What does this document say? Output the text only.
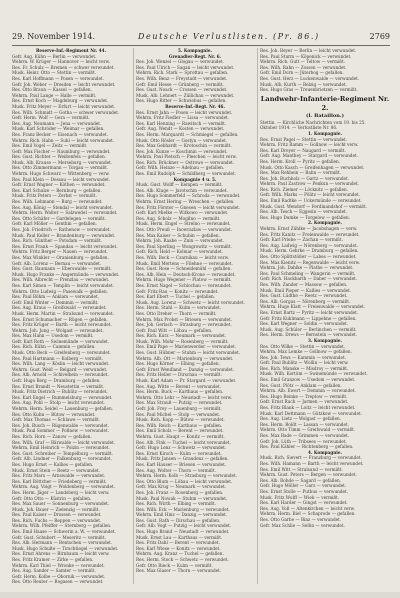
29. November 1914.	Deutsche Verlustlisten. (Pr. 86.)	2769
Reserve-Inf.-Regiment Nr. 44.
Gefr. Aug. Kühn — Berlin — verwundet.
Wehrm. W. Krüger — Hannover — leicht verw.
Res. Fr. Schulz — Bremen — schwer verwundet.
Musk. Heinr. Otto — Stettin — vermißt.
Res. Karl Hoffmann — Posen — verwundet.
Gefr. Joh. Weber — Dresden — leicht verwundet.
Res. Otto Braun — Kassel — gefallen.
Wehrm. Paul Lange — Halle — vermißt.
Res. Ernst Koch — Magdeburg — verwundet.
Musk. Fritz Meyer — Erfurt — leicht verwundet.
Res. Wilh. Schmidt — Gotha — schwer verwundet.
Gefr. Herm. Wolf — Gera — vermißt.
Res. Aug. Neumann — Jena — verwundet.
Musk. Karl Schröder — Weimar — gefallen.
Res. Franz Becker — Eisenach — verwundet.
Wehrm. Rich. Hahn — Suhl — leicht verwundet.
Res. Emil Vogel — Zeitz — vermißt.
Gefr. Max Fischer — Naumburg — verwundet.
Res. Gust. Richter — Weißenfels — gefallen.
Musk. Alb. Krause — Merseburg — verwundet.
Res. Otto Zimmermann — Torgau — vermißt.
Wehrm. Hugo Schwarz — Wittenberg — verw.
Res. Paul Klein — Dessau — leicht verwundet.
Gefr. Ernst Wagner — Köthen — verwundet.
Res. Karl Schulze — Bernburg — gefallen.
Musk. Fritz Peters — Zerbst — vermißt.
Res. Wilh. Lehmann — Burg — verwundet.
Res. Aug. König — Stendal — leicht verwundet.
Wehrm. Herm. Walter — Salzwedel — verwundet.
Res. Otto Schäfer — Gardelegen — vermißt.
Gefr. Karl Möller — Genthin — gefallen.
Res. Joh. Friedrich — Rathenow — verwundet.
Musk. Paul Keller — Brandenburg — verwundet.
Res. Rich. Günther — Potsdam — vermißt.
Res. Ernst Frank — Spandau — leicht verwundet.
Wehrm. Fritz Berger — Nauen — verwundet.
Res. Max Winkler — Oranienburg — gefallen.
Gefr. Alb. Lorenz — Bernau — verwundet.
Res. Gust. Baumann — Eberswalde — vermißt.
Musk. Hugo Franke — Angermünde — verwundet.
Res. Wilh. Albrecht — Prenzlau — verwundet.
Res. Karl Simon — Templin — leicht verwundet.
Wehrm. Otto Ludwig — Pasewalk — gefallen.
Res. Paul Böhm — Anklam — verwundet.
Gefr. Emil Winter — Demmin — vermißt.
Res. Aug. Kraus — Greifswald — verwundet.
Musk. Herm. Martin — Stralsund — verwundet.
Res. Ernst Schumacher — Rügen — gefallen.
Res. Fritz Krüger — Barth — leicht verwundet.
Wehrm. Joh. Jung — Wolgast — verwundet.
Res. Max Hahn — Usedom — vermißt.
Gefr. Karl Roth — Swinemünde — verwundet.
Res. Rich. Kühn — Cammin — gefallen.
Musk. Otto Beck — Greifenberg — verwundet.
Res. Paul Hartmann — Kolberg — vermißt.
Res. Wilh. Lang — Köslin — leicht verwundet.
Wehrm. Gust. Weiß — Belgard — verwundet.
Res. Alb. Arnold — Schivelbein — verwundet.
Gefr. Hugo Berg — Dramburg — gefallen.
Res. Ernst Brandt — Neustettin — vermißt.
Musk. Fritz Dietrich — Bublitz — verwundet.
Res. Karl Engel — Rummelsburg — verwundet.
Res. Aug. Pohl — Stolp — leicht verwundet.
Wehrm. Herm. Seidel — Lauenburg — gefallen.
Res. Otto Kuhn — Bütow — verwundet.
Gefr. Max Thomas — Schlawe — vermißt.
Res. Joh. Busch — Rügenwalde — verwundet.
Musk. Paul Sommer — Pollnow — verwundet.
Res. Rich. Horn — Zanow — gefallen.
Res. Wilh. Graf — Bärwalde — leicht verwundet.
Wehrm. Emil Heinrich — Polzin — verwundet.
Res. Gust. Schreiber — Tempelburg — vermißt.
Gefr. Alb. Lindner — Falkenburg — verwundet.
Res. Hugo Ernst — Kallies — gefallen.
Musk. Ernst Stein — Reetz — verwundet.
Res. Fritz Marx — Arnswalde — verwundet.
Res. Karl Böttcher — Friedeberg — vermißt.
Wehrm. Aug. Voigt — Woldenberg — verwundet.
Res. Herm. Jäger — Landsberg — leicht verw.
Gefr. Otto Otto — Küstrin — gefallen.
Res. Max Sauer — Sonnenburg — verwundet.
Musk. Joh. Bauer — Zielenzig — vermißt.
Res. Paul Kaiser — Drossen — verwundet.
Res. Rich. Fuchs — Reppen — verwundet.
Wehrm. Wilh. Pfeiffer — Sternberg — gefallen.
Res. Emil Haase — Schwerin a. W. — verwundet.
Gefr. Gust. Schubert — Meseritz — vermißt.
Res. Alb. Hermann — Bentschen — verwundet.
Musk. Hugo Schulte — Tirschtiegel — verwundet.
Res. Ernst Ahrens — Birnbaum — leicht verw.
Res. Fritz Kramer — Zirke — gefallen.
Wehrm. Karl Thiel — Wronke — verwundet.
Res. Aug. Sander — Samter — vermißt.
Gefr. Herm. Kolbe — Obornik — verwundet.
Res. Otto Reuter — Rogasen — verwundet.
5. Kompagnie.
Grenadier-Regt. Nr. 6.
Res. Joh. Wenzel — Glogau — verwundet.
Res. Paul Ulrich — Sagan — leicht verwundet.
Wehrm. Rich. Stark — Sprottau — gefallen.
Res. Wilh. Benz — Freystadt — verwundet.
Gefr. Emil Hesse — Grünberg — vermißt.
Res. Gust. Noack — Crossen — verwundet.
Musk. Alb. Lehnert — Züllichau — verwundet.
Res. Hugo Ritter — Schwiebus — gefallen.
Reserve-Inf.-Regt. Nr. 46.
Res. Ernst Jahn — Posen — leicht verwundet.
Wehrm. Fritz Fiedler — Lissa — verwundet.
Res. Karl Henning — Rawitsch — vermißt.
Gefr. Aug. Wendt — Kosten — verwundet.
Res. Herm. Marquardt — Schmiegel — gefallen.
Musk. Otto Rösler — Gostyn — verwundet.
Res. Max Gebhardt — Krotoschin — vermißt.
Res. Joh. Kunze — Koschmin — verwundet.
Wehrm. Paul Pietsch — Pleschen — leicht verw.
Res. Rich. Brückner — Ostrowo — verwundet.
Gefr. Wilh. Heinze — Adelnau — gefallen.
Res. Emil Rudolph — Schildberg — verwundet.
Kompagnie 4 u. 5.
Musk. Gust. Wolff — Kempen — vermißt.
Res. Alb. Kluge — Jarotschin — verwundet.
Res. Hugo Sommerfeld — Schroda — verwundet.
Wehrm. Ernst Hering — Wreschen — gefallen.
Res. Fritz Förster — Gnesen — leicht verwundet.
Gefr. Karl Mielke — Witkowo — verwundet.
Res. Aug. Scholz — Mogilno — vermißt.
Musk. Herm. Engel — Strelno — verwundet.
Res. Otto Preuß — Inowrazlaw — verwundet.
Res. Max Kaiser — Schubin — gefallen.
Wehrm. Joh. Raabe — Znin — verwundet.
Res. Paul Sperling — Wongrowitz — vermißt.
Gefr. Rich. Held — Kolmar — verwundet.
Res. Wilh. Bock — Czarnikau — leicht verw.
Musk. Emil Mertens — Filehne — verwundet.
Res. Gust. Rose — Schneidemühl — gefallen.
Res. Alb. Hein — Deutsch-Krone — verwundet.
Wehrm. Hugo Wegener — Flatow — vermißt.
Res. Ernst Nagel — Schlochau — verwundet.
Gefr. Fritz Rau — Konitz — verwundet.
Res. Karl Ebert — Tuchel — gefallen.
Musk. Aug. Lorenz — Schwetz — leicht verwundet.
Res. Herm. Stahl — Kulm — verwundet.
Res. Otto Dreher — Thorn — vermißt.
Wehrm. Max Probst — Briesen — verwundet.
Res. Joh. Gerlach — Strasburg — verwundet.
Gefr. Paul Witt — Löbau — gefallen.
Res. Rich. Kurz — Neumark — verwundet.
Musk. Wilh. Mohr — Rosenberg — vermißt.
Res. Emil Pape — Marienwerder — verwundet.
Res. Gust. Hübner — Stuhm — leicht verwundet.
Wehrm. Alb. Ott — Marienburg — verwundet.
Res. Hugo Körner — Elbing — gefallen.
Gefr. Ernst Wendland — Danzig — verwundet.
Res. Fritz Heller — Dirschau — vermißt.
Musk. Karl Adam — Pr. Stargard — verwundet.
Res. Aug. Witte — Berent — verwundet.
Res. Herm. Buck — Karthaus — gefallen.
Wehrm. Otto Lehr — Neustadt — leicht verw.
Res. Max Strauß — Putzig — verwundet.
Gefr. Joh. Frey — Lauenburg — vermißt.
Res. Paul Michel — Stolp — verwundet.
Musk. Rich. Kopp — Bütow — verwundet.
Res. Wilh. Reich — Karthaus — gefallen.
Res. Emil Scholz — Berent — verwundet.
Wehrm. Gust. Haupt — Konitz — vermißt.
Res. Alb. Fink — Tuchel — leicht verwundet.
Gefr. Hugo Lenz — Schwetz — verwundet.
Res. Ernst Kirsch — Kulm — verwundet.
Musk. Fritz Jansen — Graudenz — gefallen.
Res. Karl Hauser — Briesen — verwundet.
Res. Aug. Wolter — Thorn — vermißt.
Wehrm. Herm. Kolb — Strasburg — verwundet.
Res. Otto Blum — Löbau — leicht verwundet.
Gefr. Max Krug — Neumark — verwundet.
Res. Joh. Franz — Rosenberg — gefallen.
Musk. Paul Nowak — Stuhm — verwundet.
Res. Rich. Wirth — Elbing — vermißt.
Res. Wilh. Eck — Marienburg — verwundet.
Wehrm. Emil Hinz — Danzig — verwundet.
Res. Gust. Rath — Dirschau — gefallen.
Gefr. Alb. Vogt — Putzig — leicht verwundet.
Res. Hugo Brand — Neustadt — verwundet.
Musk. Ernst Lau — Karthaus — vermißt.
Res. Fritz Dahl — Berent — verwundet.
Res. Karl Wiese — Konitz — verwundet.
Wehrm. Aug. Kranz — Tuchel — gefallen.
Res. Herm. Stock — Schwetz — verwundet.
Gefr. Otto Rieck — Kulm — vermißt.
Res. Max Glaser — Thorn — verwundet.
Res. Joh. Beyer — Berlin — leicht verwundet.
Res. Paul Sturm — Köpenick — verwundet.
Wehrm. Rich. Gutt — Teltow — vermißt.
Res. Wilh. Rahn — Zossen — verwundet.
Gefr. Emil Dorn — Jüterbog — gefallen.
Res. Gust. Herz — Luckenwalde — verwundet.
Musk. Alb. Kurth — Belzig — verwundet.
Res. Hugo Gras — Treuenbrietzen — vermißt.
Landwehr-Infanterie-Regiment Nr. 2.
(I. Bataillon.)
Stettin. — Kirchliche Nachrichten vom 19. bis 25.
Oktober 1914. — Verlustliste Nr. 86.
1. Kompagnie.
Res. Ernst Pagel — Stettin — verwundet.
Wehrm. Fritz Ramm — Gollnow — leicht verw.
Res. Karl Dreyer — Naugard — vermißt.
Gefr. Aug. Manthey — Stargard — verwundet.
Res. Herm. Kroll — Pyritz — gefallen.
Musk. Otto Kasch — Greifenhagen — verwundet.
Res. Max Rehbein — Bahn — vermißt.
Res. Joh. Buchholz — Gartz — verwundet.
Wehrm. Paul Zastrow — Penkun — verwundet.
Res. Rich. Ziemer — Löcknitz — gefallen.
Gefr. Wilh. Marks — Pölitz — leicht verwundet.
Res. Emil Radtke — Ückermünde — verwundet.
Musk. Gust. Wendorf — Ferdinandshof — vermißt.
Res. Alb. Tesch — Eggesin — verwundet.
Res. Hugo Dumke — Torgelow — gefallen.
2. Kompagnie.
Wehrm. Ernst Zühlke — Jacobshagen — verw.
Res. Fritz Kanitz — Freienwalde — verwundet.
Gefr. Karl Priebe — Zachan — vermißt.
Res. Aug. Ladwig — Nörenberg — verwundet.
Musk. Herm. Gehrke — Dramburg — gefallen.
Res. Otto Splittstößer — Labes — verwundet.
Res. Max Kienitz — Regenwalde — leicht verw.
Wehrm. Joh. Dahlke — Plathe — verwundet.
Res. Paul Schmeling — Wangerin — vermißt.
Gefr. Rich. Hackbarth — Daber — verwundet.
Res. Wilh. Zander — Massow — gefallen.
Musk. Emil Pieper — Kallies — verwundet.
Res. Gust. Lüdtke — Reetz — verwundet.
Res. Alb. Gorgas — Nörenberg — vermißt.
Wehrm. Hugo Klatt — Freienwalde — verwundet.
Res. Ernst Bartz — Pyritz — leicht verwundet.
Gefr. Fritz Kuhlmann — Lippehne — gefallen.
Res. Karl Wegner — Soldin — verwundet.
Musk. Aug. Schüler — Berlinchen — vermißt.
Res. Herm. Drews — Bernstein — verwundet.
3. Kompagnie.
Res. Otto Wilke — Stettin — verwundet.
Wehrm. Max Lemke — Gollnow — gefallen.
Res. Joh. Tews — Kammin — verwundet.
Gefr. Paul Bublitz — Wollin — leicht verw.
Res. Rich. Manske — Misdroy — vermißt.
Musk. Wilh. Kortüm — Swinemünde — verwundet.
Res. Emil Granzow — Usedom — verwundet.
Res. Gust. Plötz — Anklam — gefallen.
Wehrm. Alb. Ewert — Demmin — verwundet.
Res. Hugo Reinke — Treptow — vermißt.
Gefr. Ernst Ruch — Jarmen — verwundet.
Res. Fritz Blank — Loitz — leicht verwundet.
Musk. Karl Dettmann — Gützkow — verwundet.
Res. Aug. Lietz — Wolgast — gefallen.
Res. Herm. Boldt — Lassan — verwundet.
Wehrm. Otto Timm — Greifswald — vermißt.
Res. Max Bade — Grimmen — verwundet.
Gefr. Joh. Lüth — Tribsees — verwundet.
Res. Paul Kähler — Richtenberg — gefallen.
4. Kompagnie.
Musk. Rich. Sievert — Franzburg — verwundet.
Res. Wilh. Hamann — Barth — leicht verwundet.
Res. Emil Witt — Stralsund — vermißt.
Wehrm. Gust. Peters — Bergen — verwundet.
Res. Alb. Rohde — Sagard — gefallen.
Gefr. Hugo Möller — Garz — verwundet.
Res. Ernst Stolle — Putbus — verwundet.
Musk. Fritz Wulff — Wiek — vermißt.
Res. Karl Harder — Gingst — verwundet.
Res. Aug. Voß — Altenkirchen — leicht verw.
Wehrm. Herm. Biel — Schaprode — gefallen.
Res. Otto Garbe — Binz — verwundet.
Gefr. Max Schlie — Sellin — verwundet.
